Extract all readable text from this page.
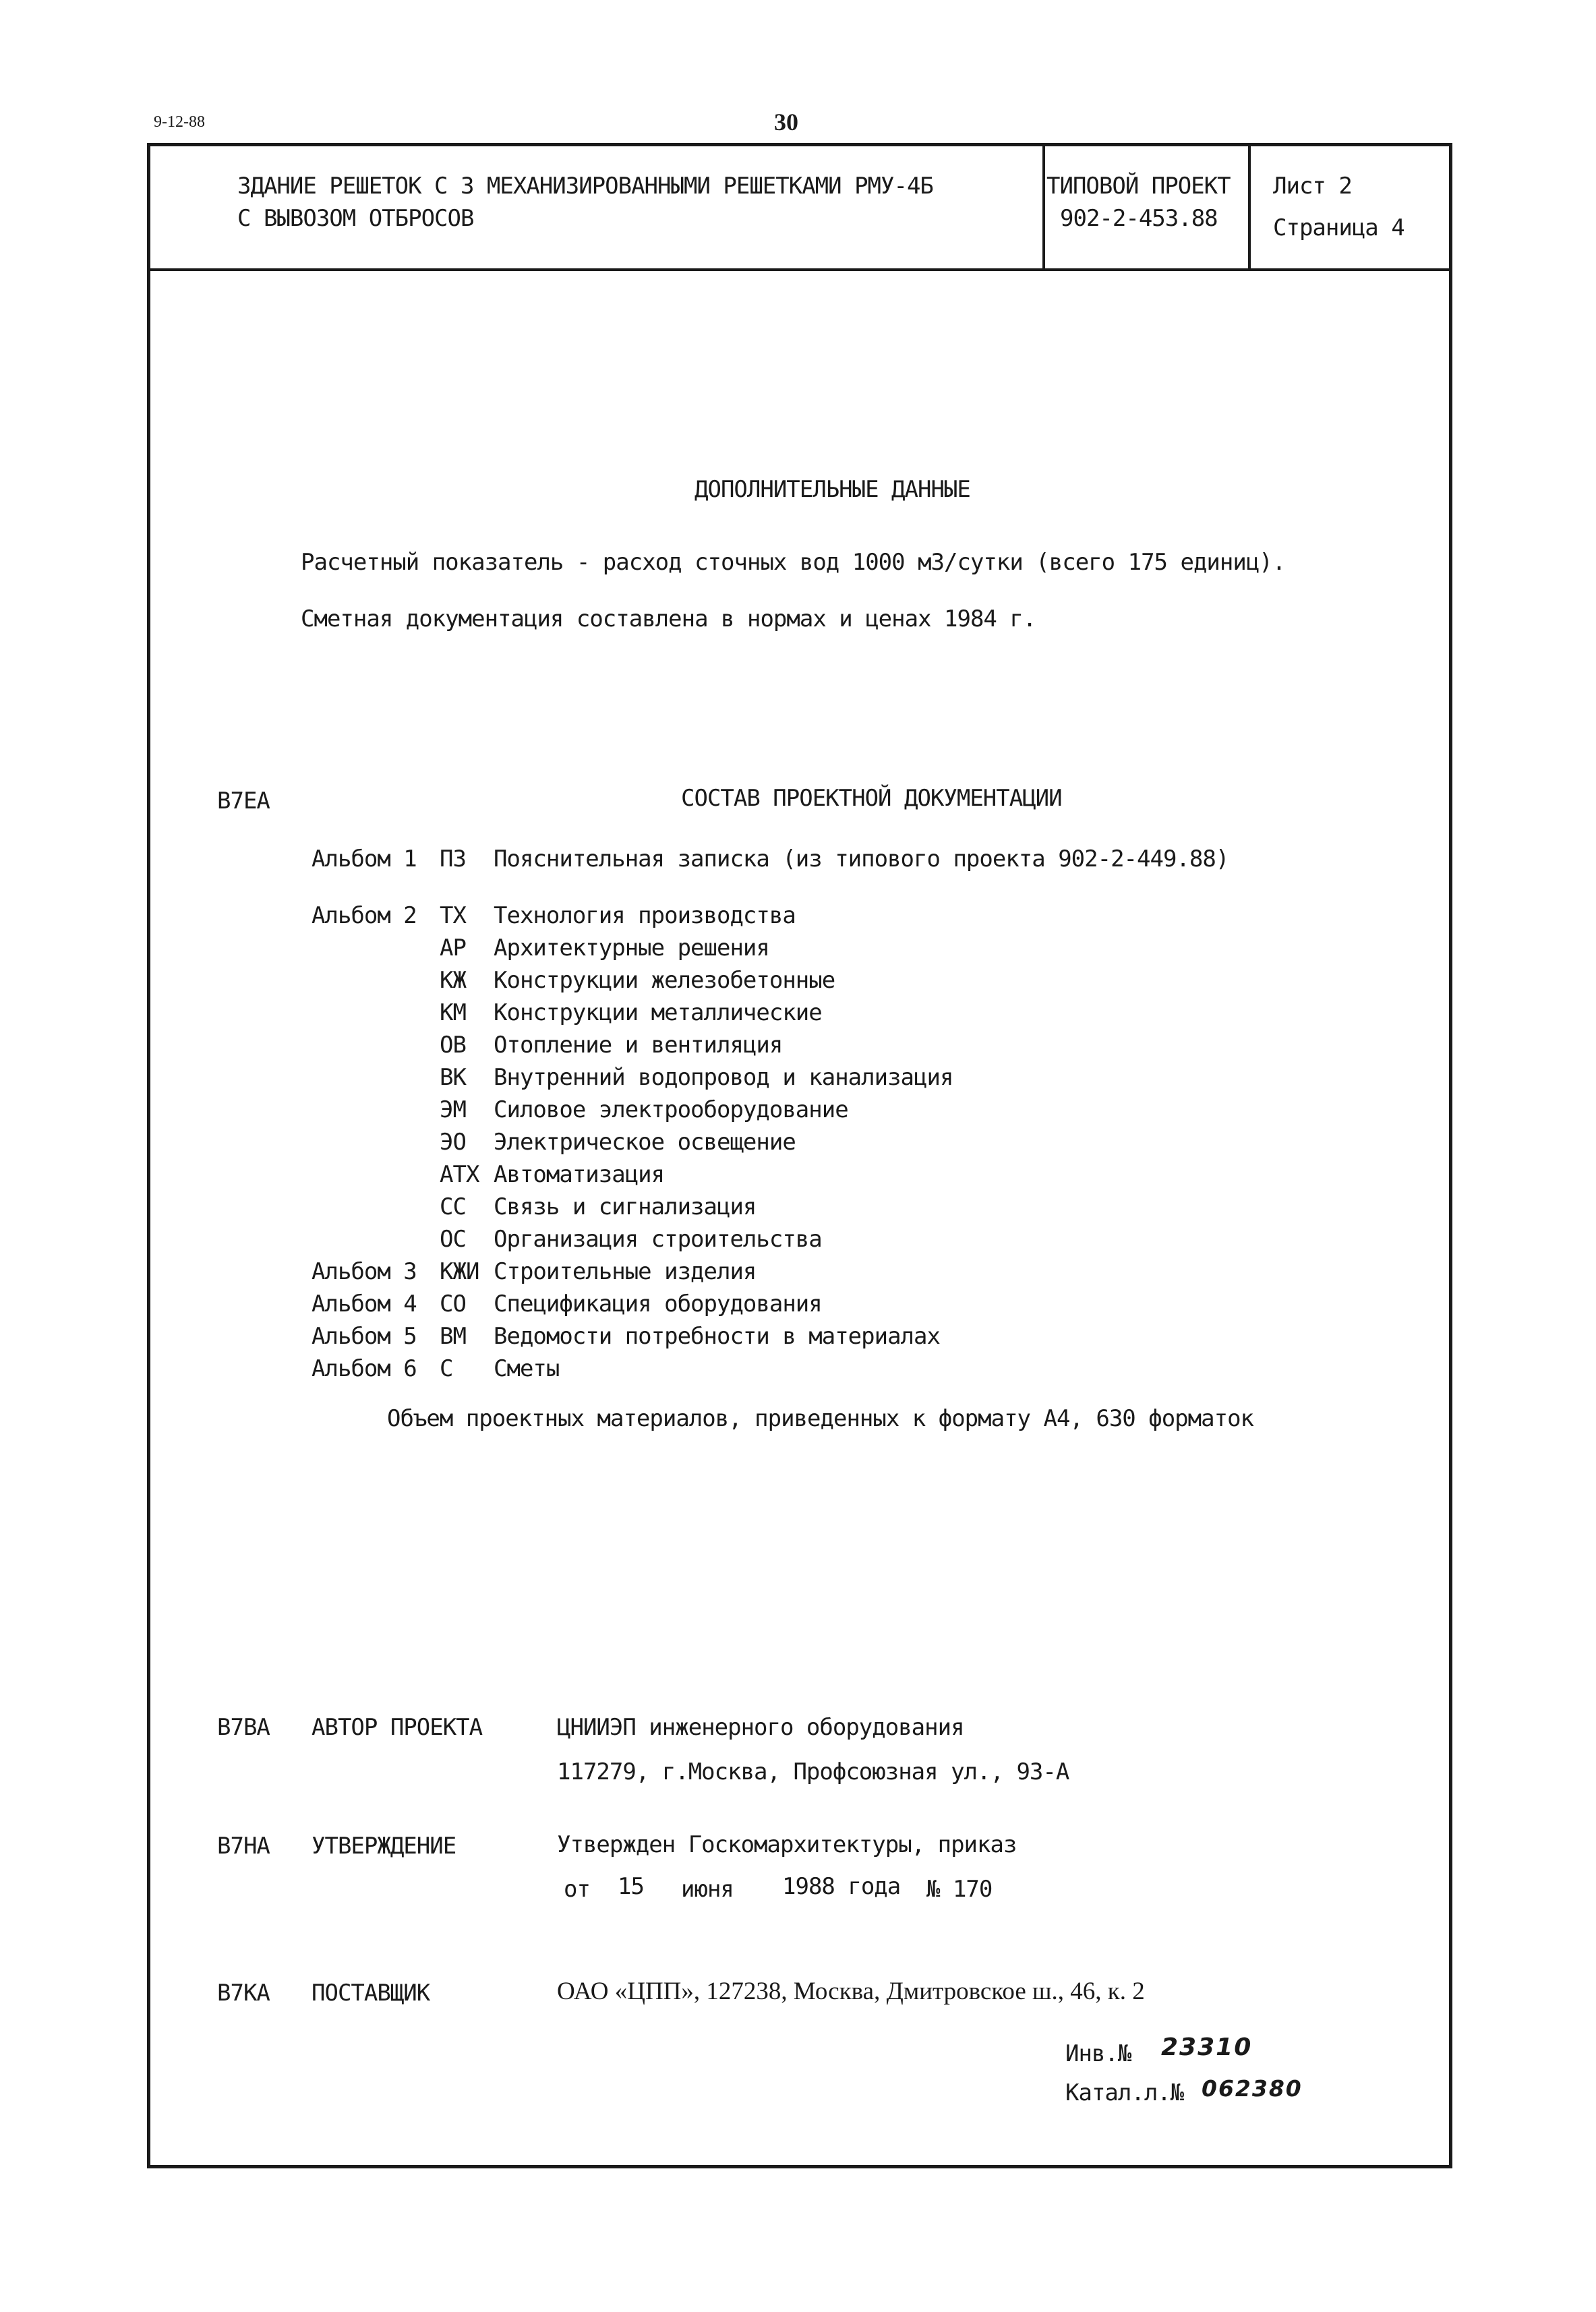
9-12-88	30
ЗДАНИЕ РЕШЕТОК С 3 МЕХАНИЗИРОВАННЫМИ РЕШЕТКАМИ РМУ-4Б
С ВЫВОЗОМ ОТБРОСОВ
ТИПОВОЙ ПРОЕКТ
902-2-453.88
Лист 2
Страница 4
ДОПОЛНИТЕЛЬНЫЕ ДАННЫЕ
Расчетный показатель - расход сточных вод 1000 м3/сутки (всего 175 единиц).
Сметная документация составлена в нормах и ценах 1984 г.
В7ЕА	СОСТАВ ПРОЕКТНОЙ ДОКУМЕНТАЦИИ
Альбом 1 ПЗ Пояснительная записка (из типового проекта 902-2-449.88)
Альбом 2 ТХ Технология производства
АР Архитектурные решения
КЖ Конструкции железобетонные
КМ Конструкции металлические
ОВ Отопление и вентиляция
ВК Внутренний водопровод и канализация
ЭМ Силовое электрооборудование
ЭО Электрическое освещение
АТХ Автоматизация
СС Связь и сигнализация
ОС Организация строительства
Альбом 3 КЖИ Строительные изделия
Альбом 4 СО Спецификация оборудования
Альбом 5 ВМ Ведомости потребности в материалах
Альбом 6 С Сметы
Объем проектных материалов, приведенных к формату А4, 630 форматок
В7ВА АВТОР ПРОЕКТА	ЦНИИЭП инженерного оборудования
117279, г.Москва, Профсоюзная ул., 93-А
В7НА УТВЕРЖДЕНИЕ	Утвержден Госкомархитектуры, приказ
от 15 июня 1988 года № 170
В7КА ПОСТАВЩИК	ОАО «ЦПП», 127238, Москва, Дмитровское ш., 46, к. 2
Инв.№ 23310
Катал.л.№ 062380
